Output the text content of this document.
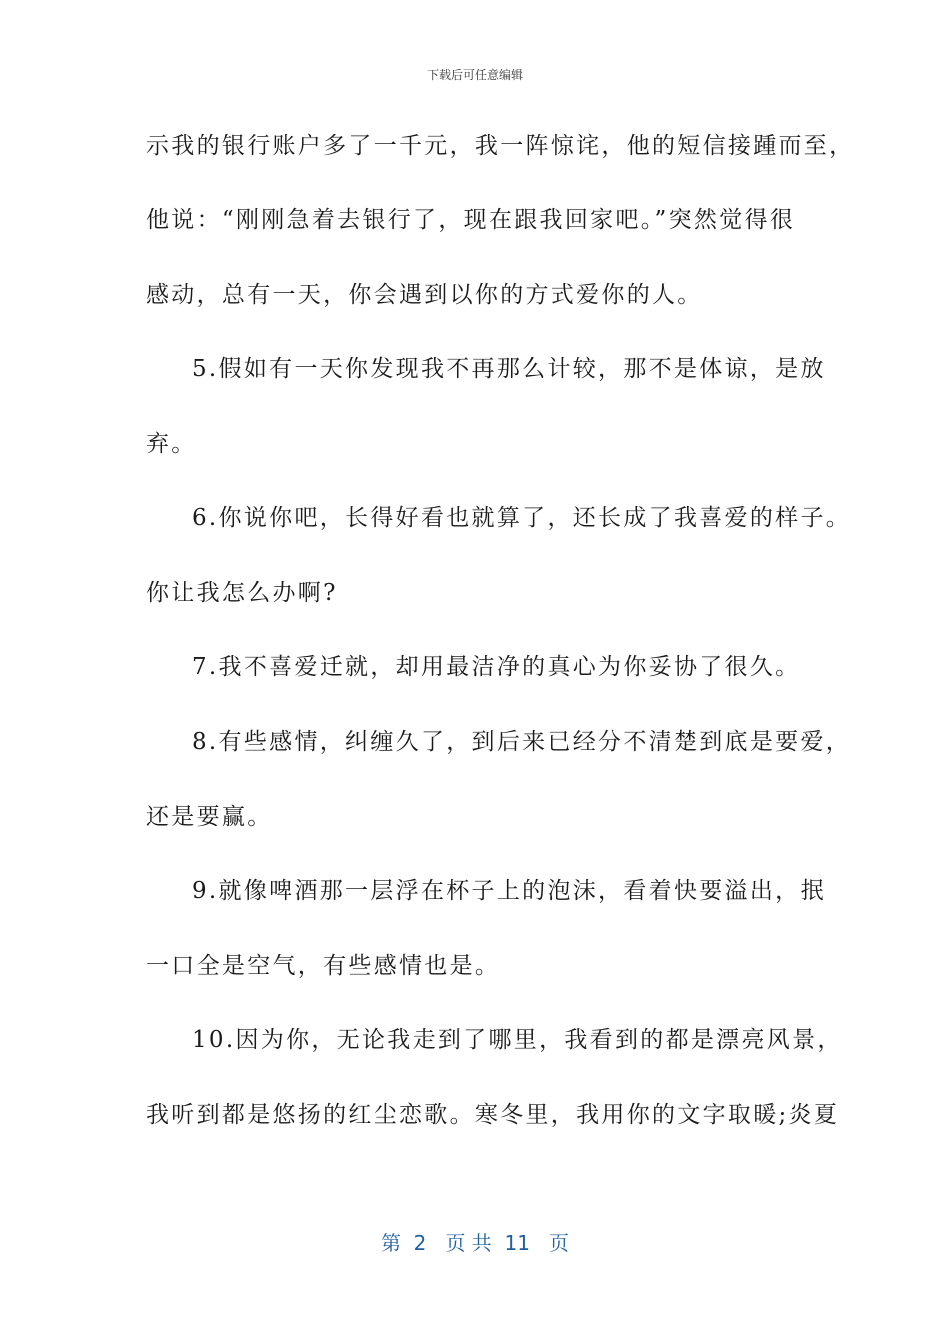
下载后可任意编辑
示我的银行账户多了一千元，我一阵惊诧，他的短信接踵而至，
他说：“刚刚急着去银行了，现在跟我回家吧。”突然觉得很
感动，总有一天，你会遇到以你的方式爱你的人。
5.假如有一天你发现我不再那么计较，那不是体谅，是放
弃。
6.你说你吧，长得好看也就算了，还长成了我喜爱的样子。
你让我怎么办啊?
7.我不喜爱迁就，却用最洁净的真心为你妥协了很久。
8.有些感情，纠缠久了，到后来已经分不清楚到底是要爱，
还是要赢。
9.就像啤酒那一层浮在杯子上的泡沫，看着快要溢出，抿
一口全是空气，有些感情也是。
10.因为你，无论我走到了哪里，我看到的都是漂亮风景，
我听到都是悠扬的红尘恋歌。寒冬里，我用你的文字取暖;炎夏
第  2   页 共  11   页
